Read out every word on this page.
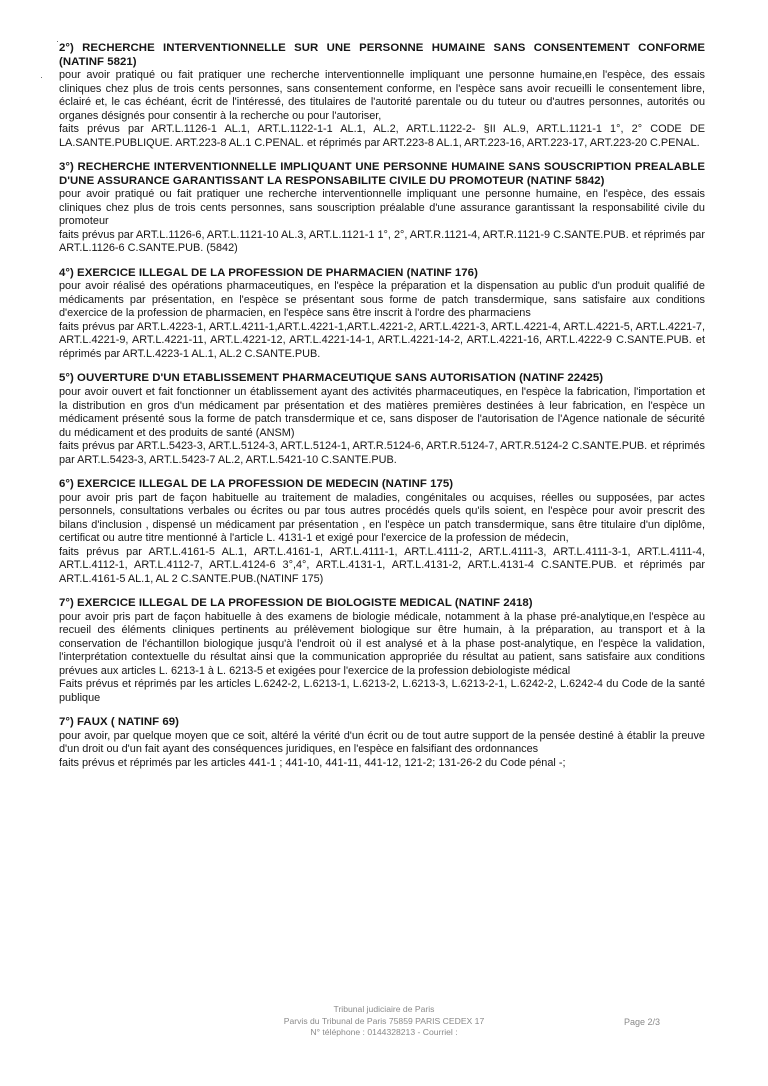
·
·

2°) RECHERCHE INTERVENTIONNELLE SUR UNE PERSONNE HUMAINE SANS CONSENTEMENT CONFORME (NATINF 5821)

pour avoir pratiqué ou fait pratiquer une recherche interventionnelle impliquant une personne humaine,en l'espèce, des essais cliniques chez plus de trois cents personnes, sans consentement conforme, en l'espèce sans avoir recueilli le consentement libre, éclairé et, le cas échéant, écrit de l'intéressé, des titulaires de l'autorité parentale ou du tuteur ou d'autres personnes, autorités ou organes désignés pour consentir à la recherche ou pour l'autoriser,

faits prévus par ART.L.1126-1 AL.1, ART.L.1122-1-1 AL.1, AL.2, ART.L.1122-2- §II AL.9, ART.L.1121-1 1°, 2° CODE DE LA.SANTE.PUBLIQUE. ART.223-8 AL.1 C.PENAL. et réprimés par ART.223-8 AL.1, ART.223-16, ART.223-17, ART.223-20 C.PENAL.

3°) RECHERCHE INTERVENTIONNELLE IMPLIQUANT UNE PERSONNE HUMAINE SANS SOUSCRIPTION PREALABLE D'UNE ASSURANCE GARANTISSANT LA RESPONSABILITE CIVILE DU PROMOTEUR (NATINF 5842)

pour avoir pratiqué ou fait pratiquer une recherche interventionnelle impliquant une personne humaine, en l'espèce, des essais cliniques chez plus de trois cents personnes, sans souscription préalable d'une assurance garantissant la responsabilité civile du promoteur

faits prévus par ART.L.1126-6, ART.L.1121-10 AL.3, ART.L.1121-1 1°, 2°, ART.R.1121-4, ART.R.1121-9 C.SANTE.PUB. et réprimés par ART.L.1126-6 C.SANTE.PUB. (5842)

4°) EXERCICE ILLEGAL DE LA PROFESSION DE PHARMACIEN (NATINF 176)

pour avoir réalisé des opérations pharmaceutiques, en l'espèce la préparation et la dispensation au public d'un produit qualifié de médicaments par présentation, en l'espèce se présentant sous forme de patch transdermique, sans satisfaire aux conditions d'exercice de la profession de pharmacien, en l'espèce sans être inscrit à l'ordre des pharmaciens

faits prévus par ART.L.4223-1, ART.L.4211-1,ART.L.4221-1,ART.L.4221-2, ART.L.4221-3, ART.L.4221-4, ART.L.4221-5, ART.L.4221-7, ART.L.4221-9, ART.L.4221-11, ART.L.4221-12, ART.L.4221-14-1, ART.L.4221-14-2, ART.L.4221-16, ART.L.4222-9 C.SANTE.PUB. et réprimés par ART.L.4223-1 AL.1, AL.2 C.SANTE.PUB.

5°) OUVERTURE D'UN ETABLISSEMENT PHARMACEUTIQUE SANS AUTORISATION (NATINF 22425)

pour avoir ouvert et fait fonctionner un établissement ayant des activités pharmaceutiques, en l'espèce la fabrication, l'importation et la distribution en gros d'un médicament par présentation et des matières premières destinées à leur fabrication, en l'espèce un médicament présenté sous la forme de patch transdermique et ce, sans disposer de l'autorisation de l'Agence nationale de sécurité du médicament et des produits de santé (ANSM)

faits prévus par ART.L.5423-3, ART.L.5124-3, ART.L.5124-1, ART.R.5124-6, ART.R.5124-7, ART.R.5124-2 C.SANTE.PUB. et réprimés par ART.L.5423-3, ART.L.5423-7 AL.2, ART.L.5421-10 C.SANTE.PUB.

6°) EXERCICE ILLEGAL DE LA PROFESSION DE MEDECIN (NATINF 175)

pour avoir pris part de façon habituelle au traitement de maladies, congénitales ou acquises, réelles ou supposées, par actes personnels, consultations verbales ou écrites ou par tous autres procédés quels qu'ils soient, en l'espèce pour avoir prescrit des bilans d'inclusion , dispensé un médicament par présentation , en l'espèce un patch transdermique, sans être titulaire d'un diplôme, certificat ou autre titre mentionné à l'article L. 4131-1 et exigé pour l'exercice de la profession de médecin,

faits prévus par ART.L.4161-5 AL.1, ART.L.4161-1, ART.L.4111-1, ART.L.4111-2, ART.L.4111-3, ART.L.4111-3-1, ART.L.4111-4, ART.L.4112-1, ART.L.4112-7, ART.L.4124-6 3°,4°, ART.L.4131-1, ART.L.4131-2, ART.L.4131-4 C.SANTE.PUB. et réprimés par ART.L.4161-5 AL.1, AL 2 C.SANTE.PUB.(NATINF 175)

7°) EXERCICE ILLEGAL DE LA PROFESSION DE BIOLOGISTE MEDICAL (NATINF 2418)

pour avoir pris part de façon habituelle à des examens de biologie médicale, notamment à la phase pré-analytique,en l'espèce au recueil des éléments cliniques pertinents au prélèvement biologique sur être humain, à la préparation, au transport et à la conservation de l'échantillon biologique jusqu'à l'endroit où il est analysé et à la phase post-analytique, en l'espèce la validation, l'interprétation contextuelle du résultat ainsi que la communication appropriée du résultat au patient, sans satisfaire aux conditions prévues aux articles L. 6213-1 à L. 6213-5 et exigées pour l'exercice de la profession debiologiste médical

Faits prévus et réprimés par les articles L.6242-2, L.6213-1, L.6213-2, L.6213-3, L.6213-2-1, L.6242-2, L.6242-4 du Code de la santé publique

7°) FAUX ( NATINF 69)

pour avoir, par quelque moyen que ce soit, altéré la vérité d'un écrit ou de tout autre support de la pensée destiné à établir la preuve d'un droit ou d'un fait ayant des conséquences juridiques, en l'espèce en falsifiant des ordonnances

faits prévus et réprimés par les articles 441-1 ; 441-10, 441-11, 441-12, 121-2; 131-26-2 du Code pénal -;

Tribunal judiciaire de Paris
Parvis du Tribunal de Paris 75859 PARIS CEDEX 17
N° téléphone : 0144328213 - Courriel :
Page 2/3
